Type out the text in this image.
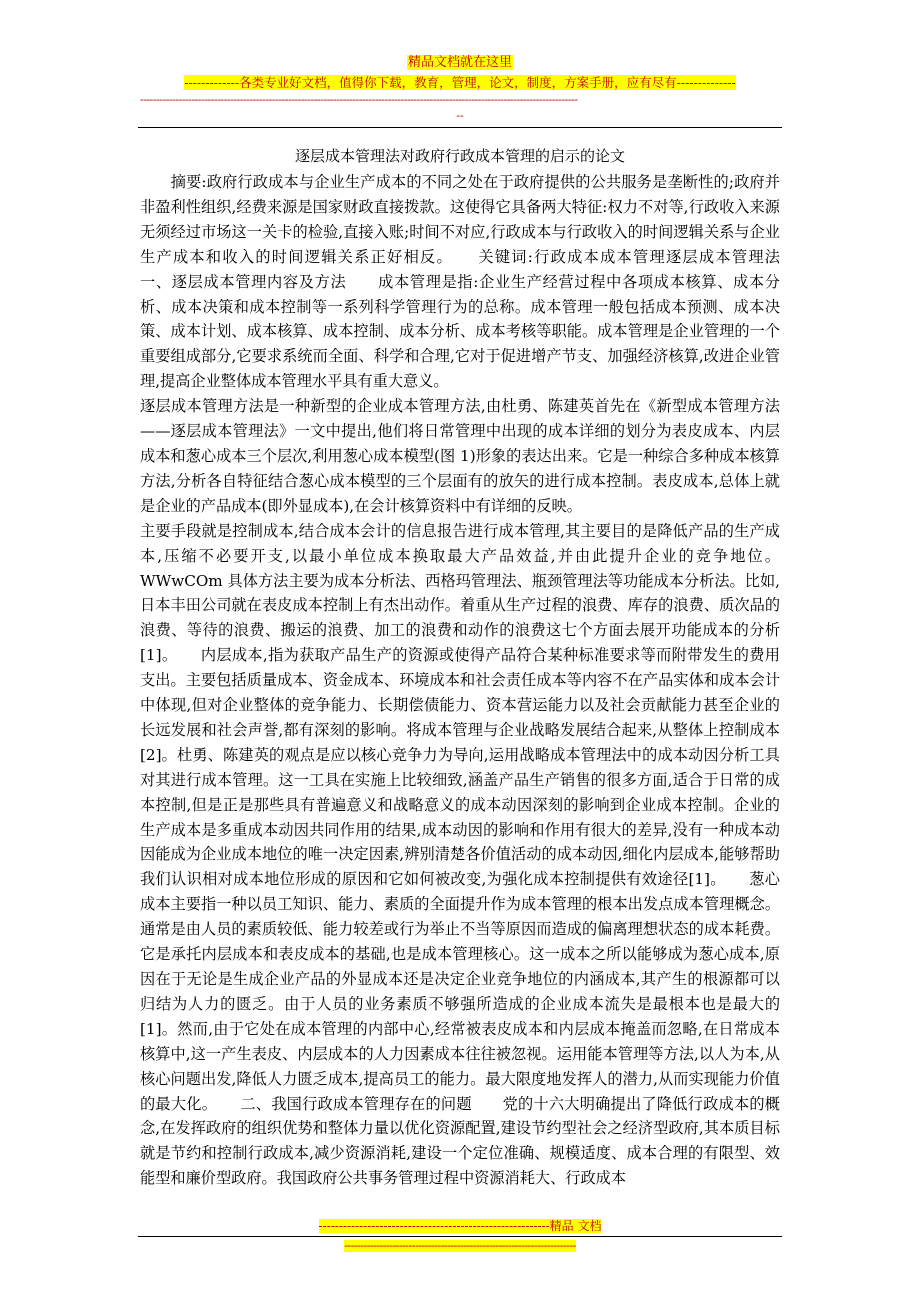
精品文档就在这里
-------------各类专业好文档，值得你下载，教育，管理，论文，制度，方案手册，应有尽有--------------
----------------------------------------------------------------------------------------------------------------------------------------
--
逐层成本管理法对政府行政成本管理的启示的论文

　　摘要:政府行政成本与企业生产成本的不同之处在于政府提供的公共服务是垄断性的;政府并非盈利性组织,经费来源是国家财政直接拨款。这使得它具备两大特征:权力不对等,行政收入来源无须经过市场这一关卡的检验,直接入账;时间不对应,行政成本与行政收入的时间逻辑关系与企业生产成本和收入的时间逻辑关系正好相反。　　关键词:行政成本成本管理逐层成本管理法　　　一、逐层成本管理内容及方法　　成本管理是指:企业生产经营过程中各项成本核算、成本分析、成本决策和成本控制等一系列科学管理行为的总称。成本管理一般包括成本预测、成本决策、成本计划、成本核算、成本控制、成本分析、成本考核等职能。成本管理是企业管理的一个重要组成部分,它要求系统而全面、科学和合理,它对于促进增产节支、加强经济核算,改进企业管理,提高企业整体成本管理水平具有重大意义。

逐层成本管理方法是一种新型的企业成本管理方法,由杜勇、陈建英首先在《新型成本管理方法——逐层成本管理法》一文中提出,他们将日常管理中出现的成本详细的划分为表皮成本、内层成本和葱心成本三个层次,利用葱心成本模型(图 1)形象的表达出来。它是一种综合多种成本核算方法,分析各自特征结合葱心成本模型的三个层面有的放矢的进行成本控制。表皮成本,总体上就是企业的产品成本(即外显成本),在会计核算资料中有详细的反映。

主要手段就是控制成本,结合成本会计的信息报告进行成本管理,其主要目的是降低产品的生产成本,压缩不必要开支,以最小单位成本换取最大产品效益,并由此提升企业的竞争地位。WWwCOm 具体方法主要为成本分析法、西格玛管理法、瓶颈管理法等功能成本分析法。比如,日本丰田公司就在表皮成本控制上有杰出动作。着重从生产过程的浪费、库存的浪费、质次品的浪费、等待的浪费、搬运的浪费、加工的浪费和动作的浪费这七个方面去展开功能成本的分析[1]。　　内层成本,指为获取产品生产的资源或使得产品符合某种标准要求等而附带发生的费用支出。主要包括质量成本、资金成本、环境成本和社会责任成本等内容不在产品实体和成本会计中体现,但对企业整体的竞争能力、长期偿债能力、资本营运能力以及社会贡献能力甚至企业的长远发展和社会声誉,都有深刻的影响。将成本管理与企业战略发展结合起来,从整体上控制成本[2]。杜勇、陈建英的观点是应以核心竞争力为导向,运用战略成本管理法中的成本动因分析工具对其进行成本管理。这一工具在实施上比较细致,涵盖产品生产销售的很多方面,适合于日常的成本控制,但是正是那些具有普遍意义和战略意义的成本动因深刻的影响到企业成本控制。企业的生产成本是多重成本动因共同作用的结果,成本动因的影响和作用有很大的差异,没有一种成本动因能成为企业成本地位的唯一决定因素,辨别清楚各价值活动的成本动因,细化内层成本,能够帮助我们认识相对成本地位形成的原因和它如何被改变,为强化成本控制提供有效途径[1]。　　葱心成本主要指一种以员工知识、能力、素质的全面提升作为成本管理的根本出发点成本管理概念。通常是由人员的素质较低、能力较差或行为举止不当等原因而造成的偏离理想状态的成本耗费。它是承托内层成本和表皮成本的基础,也是成本管理核心。这一成本之所以能够成为葱心成本,原因在于无论是生成企业产品的外显成本还是决定企业竞争地位的内涵成本,其产生的根源都可以归结为人力的匮乏。由于人员的业务素质不够强所造成的企业成本流失是最根本也是最大的[1]。然而,由于它处在成本管理的内部中心,经常被表皮成本和内层成本掩盖而忽略,在日常成本核算中,这一产生表皮、内层成本的人力因素成本往往被忽视。运用能本管理等方法,以人为本,从核心问题出发,降低人力匮乏成本,提高员工的能力。最大限度地发挥人的潜力,从而实现能力价值的最大化。　　二、我国行政成本管理存在的问题　　党的十六大明确提出了降低行政成本的概念,在发挥政府的组织优势和整体力量以优化资源配置,建设节约型社会之经济型政府,其本质目标就是节约和控制行政成本,减少资源消耗,建设一个定位准确、规模适度、成本合理的有限型、效能型和廉价型政府。我国政府公共事务管理过程中资源消耗大、行政成本

---------------------------------------------------------精品 文档
------------------------------------------------------------------------
